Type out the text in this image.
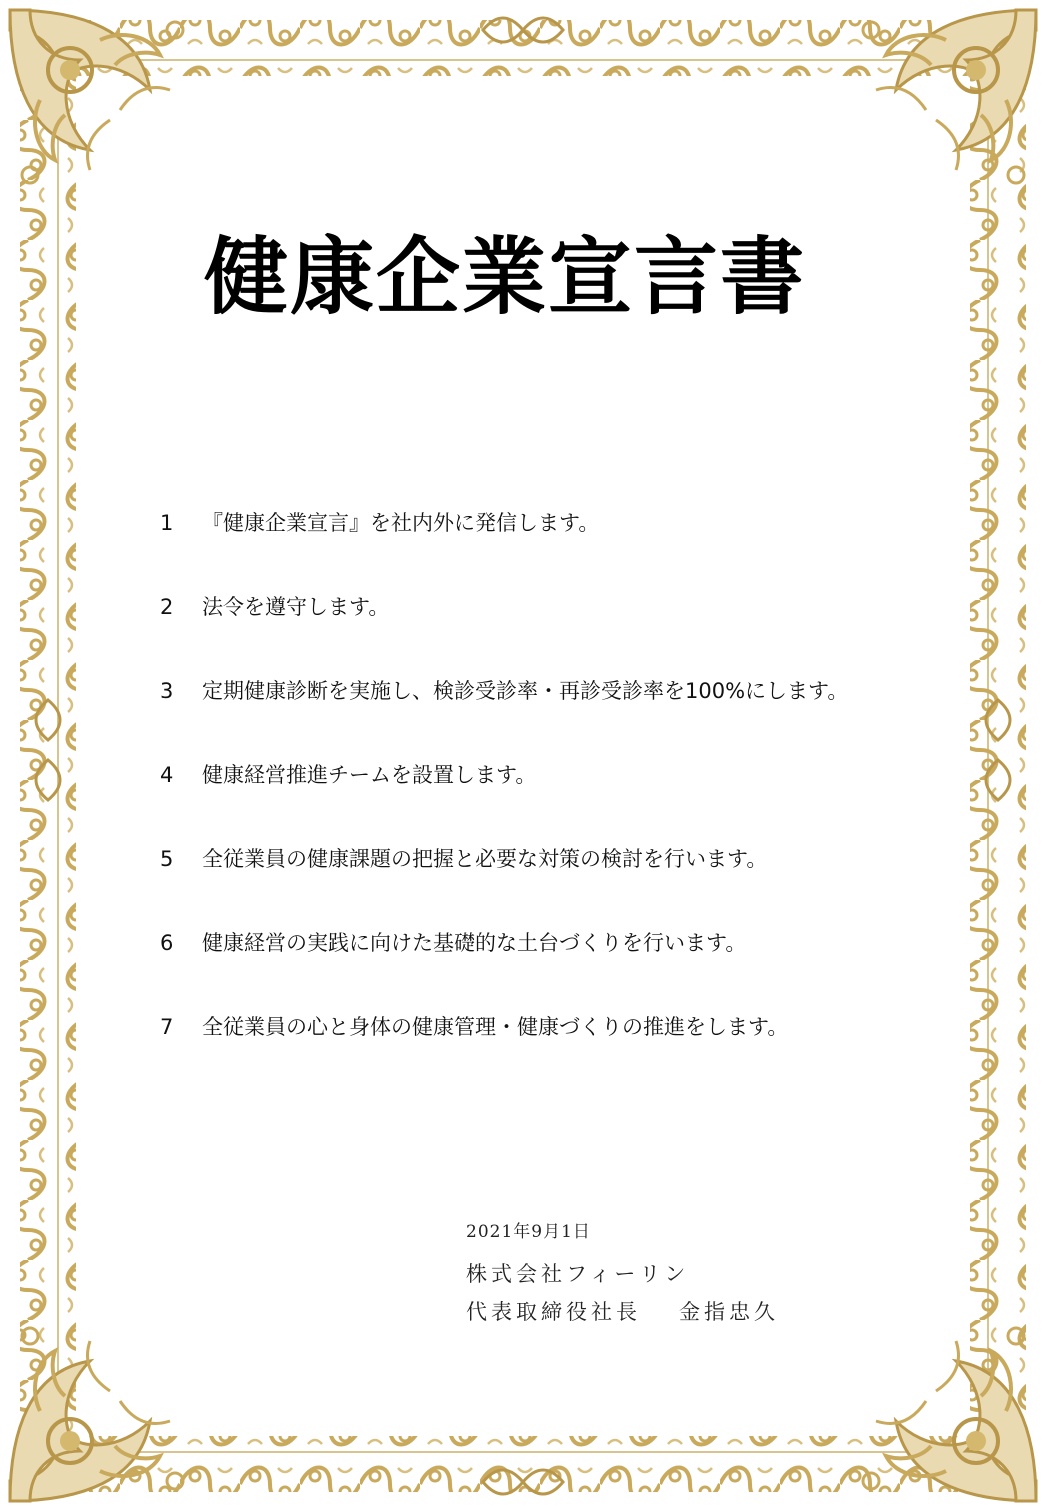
健康企業宣言書
1	『健康企業宣言』を社内外に発信します。
2	法令を遵守します。
3	定期健康診断を実施し、検診受診率・再診受診率を100%にします。
4	健康経営推進チームを設置します。
5	全従業員の健康課題の把握と必要な対策の検討を行います。
6	健康経営の実践に向けた基礎的な土台づくりを行います。
7	全従業員の心と身体の健康管理・健康づくりの推進をします。
2021年9月1日
株式会社フィーリン
代表取締役社長 金指忠久
